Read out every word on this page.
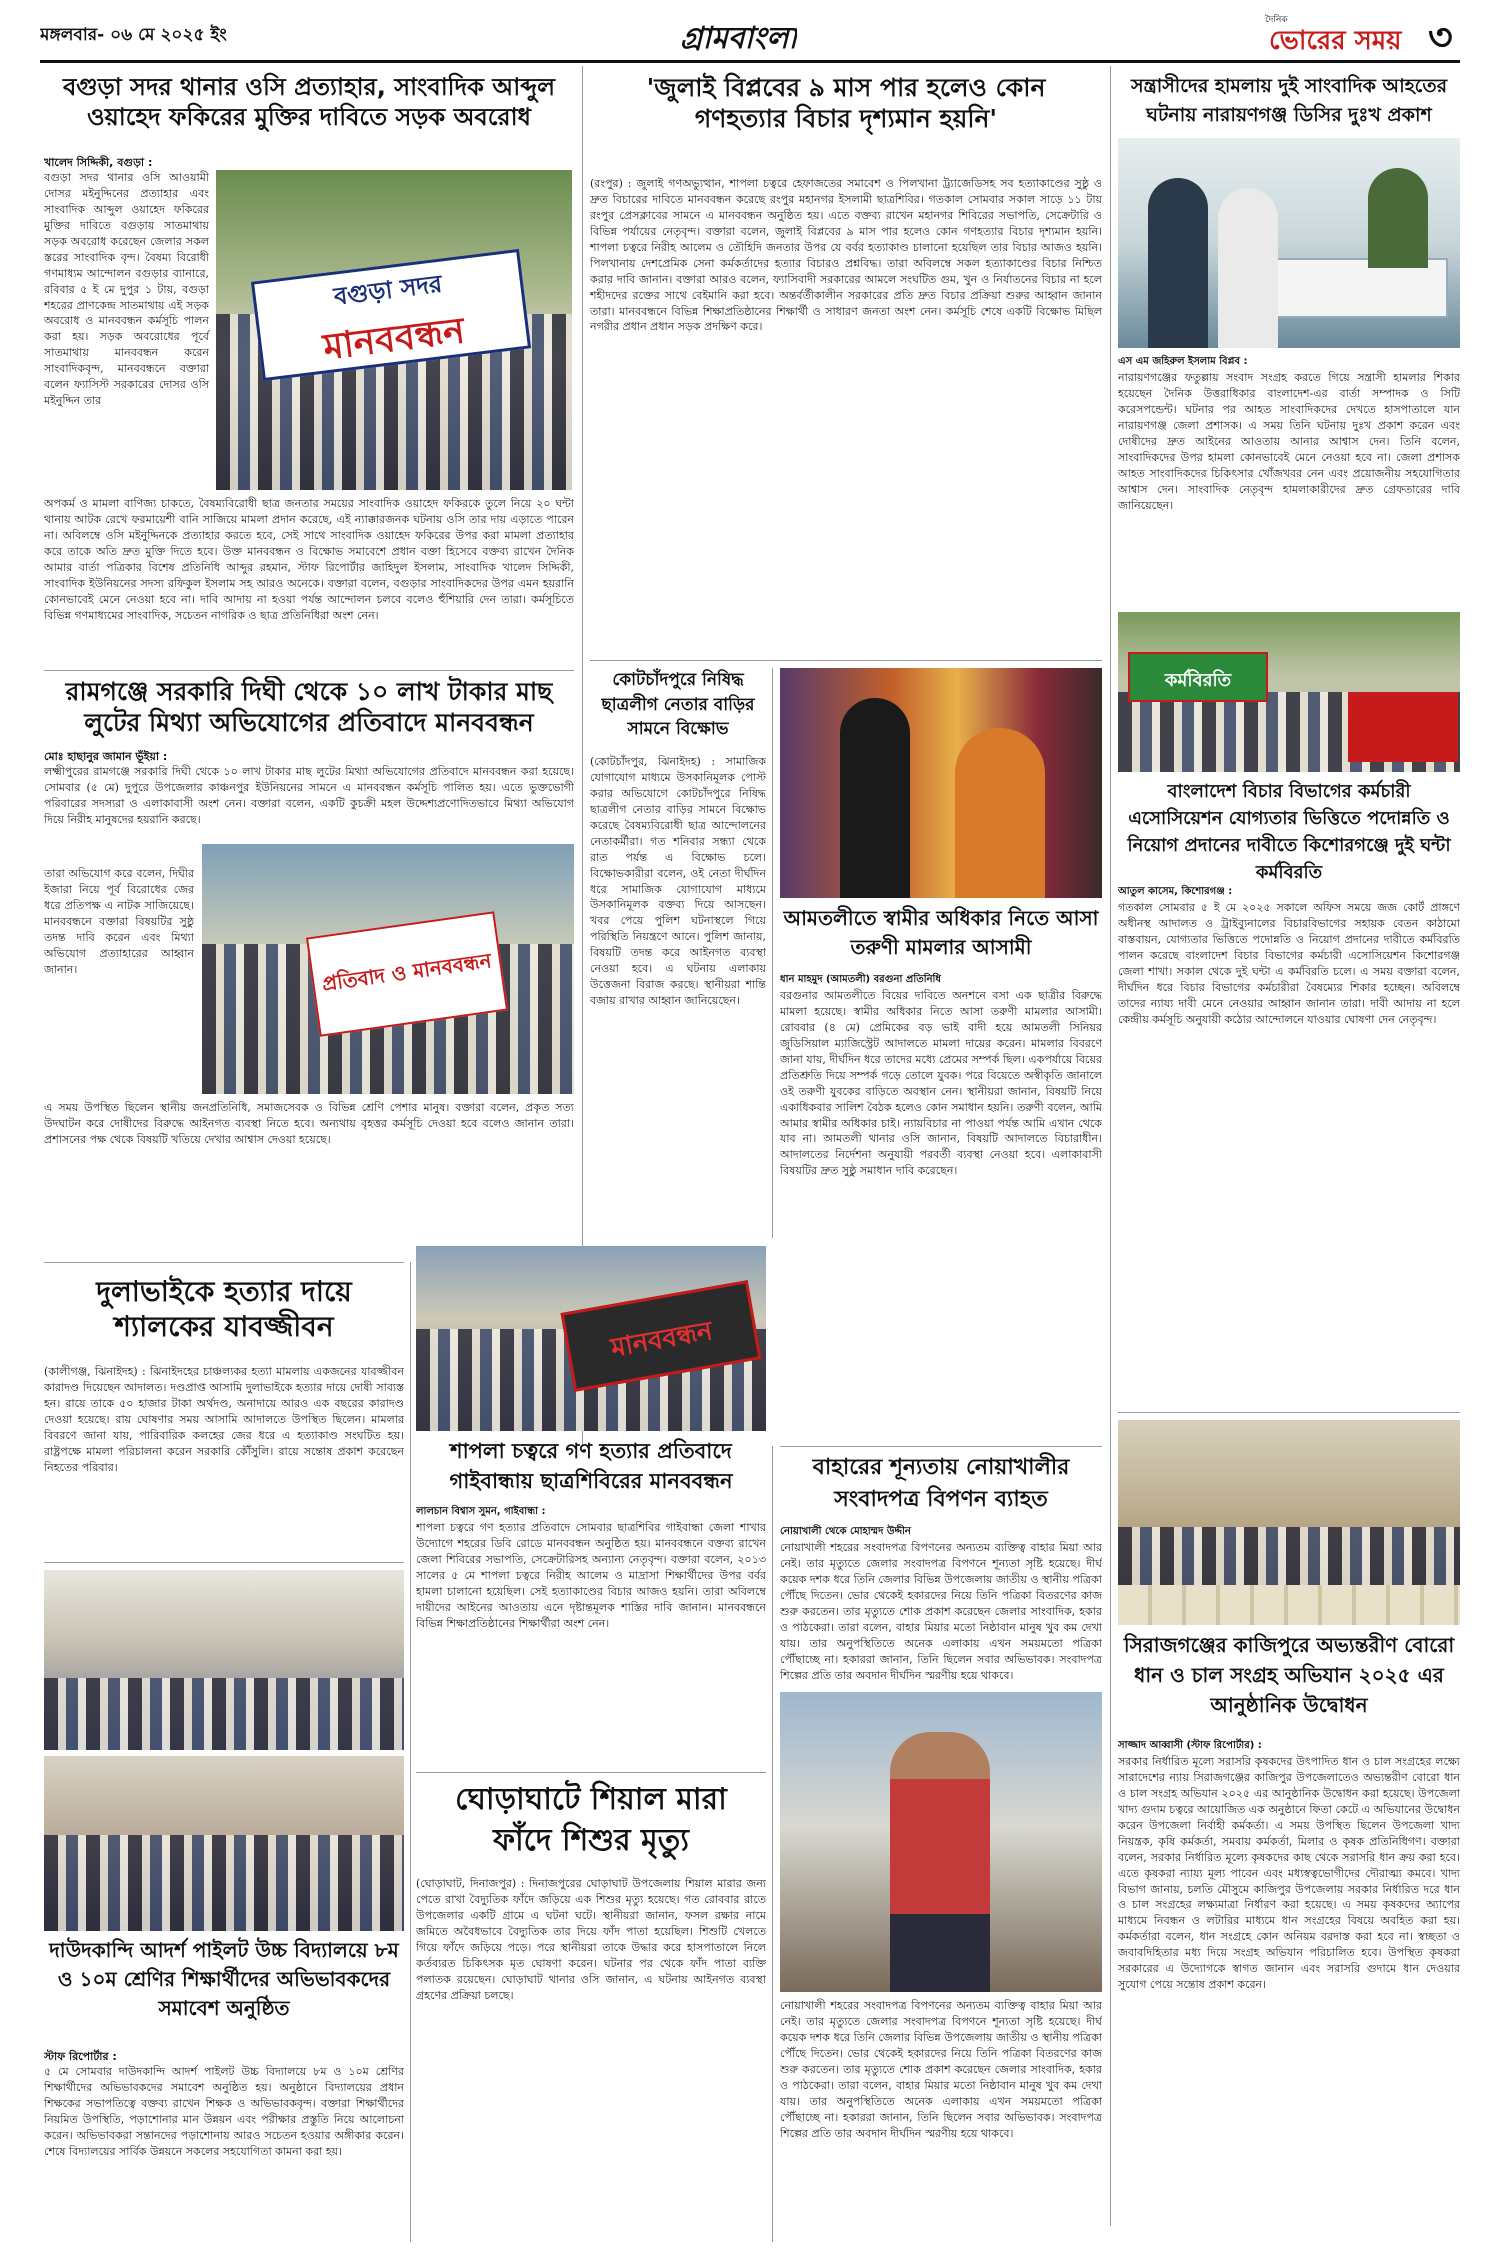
মঙ্গলবার- ০৬ মে ২০২৫ ইং	গ্রামবাংলা
দৈনিক
ভোরের সময় ৩
বগুড়া সদর থানার ওসি প্রত্যাহার, সাংবাদিক আব্দুল ওয়াহেদ ফকিরের মুক্তির দাবিতে সড়ক অবরোধ
খালেদ সিদ্দিকী, বগুড়া :
বগুড়া সদর থানার ওসি আওয়ামী দোসর মইনুদ্দিনের প্রত্যাহার এবং সাংবাদিক আব্দুল ওয়াহেদ ফকিরের মুক্তির দাবিতে বগুড়ায় সাতমাথায় সড়ক অবরোধ করেছেন জেলার সকল স্তরের সাংবাদিক বৃন্দ। বৈষম্য বিরোধী গণমাধ্যম আন্দোলন বগুড়ার ব্যানারে, রবিবার ৫ ই মে দুপুর ১ টায়, বগুড়া শহরের প্রাণকেন্দ্র সাতমাথায় এই সড়ক অবরোধ ও মানববন্ধন কর্মসূচি পালন করা হয়। সড়ক অবরোধের পূর্বে সাতমাথায় মানববন্ধন করেন সাংবাদিকবৃন্দ, মানববন্ধনে বক্তারা বলেন ফ্যাসিস্ট সরকারের দোসর ওসি মইনুদ্দিন তার
বগুড়া সদর
মানববন্ধন
অপকর্ম ও মামলা বাণিজ্য চাকতে, বৈষম্যবিরোধী ছাত্র জনতার সময়ের সাংবাদিক ওয়াহেদ ফকিরকে তুলে নিয়ে ২০ ঘন্টা থানায় আটক রেখে ফরমায়েশী বানি সাজিয়ে মামলা প্রদান করেছে, এই ন্যাক্কারজনক ঘটনায় ওসি তার দায় এড়াতে পারেন না। অবিলম্বে ওসি মইনুদ্দিনকে প্রত্যাহার করতে হবে, সেই সাথে সাংবাদিক ওয়াহেদ ফকিরের উপর করা মামলা প্রত্যাহার করে তাকে অতি দ্রুত মুক্তি দিতে হবে। উক্ত মানববন্ধন ও বিক্ষোভ সমাবেশে প্রধান বক্তা হিসেবে বক্তব্য রাখেন দৈনিক আমার বার্তা পত্রিকার বিশেষ প্রতিনিধি আব্দুর রহমান, স্টাফ রিপোর্টার জাহিদুল ইসলাম, সাংবাদিক খালেদ সিদ্দিকী, সাংবাদিক ইউনিয়নের সদস্য রফিকুল ইসলাম সহ আরও অনেকে। বক্তারা বলেন, বগুড়ার সাংবাদিকদের উপর এমন হয়রানি কোনভাবেই মেনে নেওয়া হবে না। দাবি আদায় না হওয়া পর্যন্ত আন্দোলন চলবে বলেও হুঁশিয়ারি দেন তারা। কর্মসূচিতে বিভিন্ন গণমাধ্যমের সাংবাদিক, সচেতন নাগরিক ও ছাত্র প্রতিনিধিরা অংশ নেন।
রামগঞ্জে সরকারি দিঘী থেকে ১০ লাখ টাকার মাছ লুটের মিথ্যা অভিযোগের প্রতিবাদে মানববন্ধন
মোঃ হাছানুর জামান ভূঁইয়া :
লক্ষ্মীপুরের রামগঞ্জে সরকারি দিঘী থেকে ১০ লাখ টাকার মাছ লুটের মিথ্যা অভিযোগের প্রতিবাদে মানববন্ধন করা হয়েছে। সোমবার (৫ মে) দুপুরে উপজেলার কাঞ্চনপুর ইউনিয়নের সামনে এ মানববন্ধন কর্মসূচি পালিত হয়। এতে ভুক্তভোগী পরিবারের সদস্যরা ও এলাকাবাসী অংশ নেন। বক্তারা বলেন, একটি কুচক্রী মহল উদ্দেশ্যপ্রণোদিতভাবে মিথ্যা অভিযোগ দিয়ে নিরীহ মানুষদের হয়রানি করছে।
তারা অভিযোগ করে বলেন, দিঘীর ইজারা নিয়ে পূর্ব বিরোধের জের ধরে প্রতিপক্ষ এ নাটক সাজিয়েছে। মানববন্ধনে বক্তারা বিষয়টির সুষ্ঠু তদন্ত দাবি করেন এবং মিথ্যা অভিযোগ প্রত্যাহারের আহ্বান জানান।	প্রতিবাদ ও মানববন্ধন
এ সময় উপস্থিত ছিলেন স্থানীয় জনপ্রতিনিধি, সমাজসেবক ও বিভিন্ন শ্রেণি পেশার মানুষ। বক্তারা বলেন, প্রকৃত সত্য উদঘাটন করে দোষীদের বিরুদ্ধে আইনগত ব্যবস্থা নিতে হবে। অন্যথায় বৃহত্তর কর্মসূচি দেওয়া হবে বলেও জানান তারা। প্রশাসনের পক্ষ থেকে বিষয়টি খতিয়ে দেখার আশ্বাস দেওয়া হয়েছে।
দুলাভাইকে হত্যার দায়ে শ্যালকের যাবজ্জীবন
(কালীগঞ্জ, ঝিনাইদহ) : ঝিনাইদহের চাঞ্চল্যকর হত্যা মামলায় একজনের যাবজ্জীবন কারাদণ্ড দিয়েছেন আদালত। দণ্ডপ্রাপ্ত আসামি দুলাভাইকে হত্যার দায়ে দোষী সাব্যস্ত হন। রায়ে তাকে ৫০ হাজার টাকা অর্থদণ্ড, অনাদায়ে আরও এক বছরের কারাদণ্ড দেওয়া হয়েছে। রায় ঘোষণার সময় আসামি আদালতে উপস্থিত ছিলেন। মামলার বিবরণে জানা যায়, পারিবারিক কলহের জের ধরে এ হত্যাকাণ্ড সংঘটিত হয়। রাষ্ট্রপক্ষে মামলা পরিচালনা করেন সরকারি কৌঁসুলি। রায়ে সন্তোষ প্রকাশ করেছেন নিহতের পরিবার।
দাউদকান্দি আদর্শ পাইলট উচ্চ বিদ্যালয়ে ৮ম ও ১০ম শ্রেণির শিক্ষার্থীদের অভিভাবকদের সমাবেশ অনুষ্ঠিত
স্টাফ রিপোর্টার :
৫ মে সোমবার দাউদকান্দি আদর্শ পাইলট উচ্চ বিদ্যালয়ে ৮ম ও ১০ম শ্রেণির শিক্ষার্থীদের অভিভাবকদের সমাবেশ অনুষ্ঠিত হয়। অনুষ্ঠানে বিদ্যালয়ের প্রধান শিক্ষকের সভাপতিত্বে বক্তব্য রাখেন শিক্ষক ও অভিভাবকবৃন্দ। বক্তারা শিক্ষার্থীদের নিয়মিত উপস্থিতি, পড়াশোনার মান উন্নয়ন এবং পরীক্ষার প্রস্তুতি নিয়ে আলোচনা করেন। অভিভাবকরা সন্তানদের পড়াশোনায় আরও সচেতন হওয়ার অঙ্গীকার করেন। শেষে বিদ্যালয়ের সার্বিক উন্নয়নে সকলের সহযোগিতা কামনা করা হয়।
'জুলাই বিপ্লবের ৯ মাস পার হলেও কোন গণহত্যার বিচার দৃশ্যমান হয়নি'
(রংপুর) : জুলাই গণঅভ্যুত্থান, শাপলা চত্বরে হেফাজতের সমাবেশ ও পিলখানা ট্র্যাজেডিসহ সব হত্যাকাণ্ডের সুষ্ঠু ও দ্রুত বিচারের দাবিতে মানববন্ধন করেছে রংপুর মহানগর ইসলামী ছাত্রশিবির। গতকাল সোমবার সকাল সাড়ে ১১ টায় রংপুর প্রেসক্লাবের সামনে এ মানববন্ধন অনুষ্ঠিত হয়। এতে বক্তব্য রাখেন মহানগর শিবিরের সভাপতি, সেক্রেটারি ও বিভিন্ন পর্যায়ের নেতৃবৃন্দ। বক্তারা বলেন, জুলাই বিপ্লবের ৯ মাস পার হলেও কোন গণহত্যার বিচার দৃশ্যমান হয়নি। শাপলা চত্বরে নিরীহ আলেম ও তৌহিদি জনতার উপর যে বর্বর হত্যাকাণ্ড চালানো হয়েছিল তার বিচার আজও হয়নি। পিলখানায় দেশপ্রেমিক সেনা কর্মকর্তাদের হত্যার বিচারও প্রশ্নবিদ্ধ। তারা অবিলম্বে সকল হত্যাকাণ্ডের বিচার নিশ্চিত করার দাবি জানান। বক্তারা আরও বলেন, ফ্যাসিবাদী সরকারের আমলে সংঘটিত গুম, খুন ও নির্যাতনের বিচার না হলে শহীদদের রক্তের সাথে বেইমানি করা হবে। অন্তর্বর্তীকালীন সরকারের প্রতি দ্রুত বিচার প্রক্রিয়া শুরুর আহ্বান জানান তারা। মানববন্ধনে বিভিন্ন শিক্ষাপ্রতিষ্ঠানের শিক্ষার্থী ও সাধারণ জনতা অংশ নেন। কর্মসূচি শেষে একটি বিক্ষোভ মিছিল নগরীর প্রধান প্রধান সড়ক প্রদক্ষিণ করে।
কোটচাঁদপুরে নিষিদ্ধ ছাত্রলীগ নেতার বাড়ির সামনে বিক্ষোভ
(কোটচাঁদপুর, ঝিনাইদহ) : সামাজিক যোগাযোগ মাধ্যমে উসকানিমূলক পোস্ট করার অভিযোগে কোটচাঁদপুরে নিষিদ্ধ ছাত্রলীগ নেতার বাড়ির সামনে বিক্ষোভ করেছে বৈষম্যবিরোধী ছাত্র আন্দোলনের নেতাকর্মীরা। গত শনিবার সন্ধ্যা থেকে রাত পর্যন্ত এ বিক্ষোভ চলে। বিক্ষোভকারীরা বলেন, ওই নেতা দীর্ঘদিন ধরে সামাজিক যোগাযোগ মাধ্যমে উসকানিমূলক বক্তব্য দিয়ে আসছেন। খবর পেয়ে পুলিশ ঘটনাস্থলে গিয়ে পরিস্থিতি নিয়ন্ত্রণে আনে। পুলিশ জানায়, বিষয়টি তদন্ত করে আইনগত ব্যবস্থা নেওয়া হবে। এ ঘটনায় এলাকায় উত্তেজনা বিরাজ করছে। স্থানীয়রা শান্তি বজায় রাখার আহ্বান জানিয়েছেন।
আমতলীতে স্বামীর অধিকার নিতে আসা তরুণী মামলার আসামী
ধান মাহমুদ (আমতলী) বরগুনা প্রতিনিধি
বরগুনার আমতলীতে বিয়ের দাবিতে অনশনে বসা এক ছাত্রীর বিরুদ্ধে মামলা হয়েছে। স্বামীর অধিকার নিতে আসা তরুণী মামলার আসামী। রোববার (৪ মে) প্রেমিকের বড় ভাই বাদী হয়ে আমতলী সিনিয়র জুডিসিয়াল ম্যাজিস্ট্রেট আদালতে মামলা দায়ের করেন। মামলার বিবরণে জানা যায়, দীর্ঘদিন ধরে তাদের মধ্যে প্রেমের সম্পর্ক ছিল। একপর্যায়ে বিয়ের প্রতিশ্রুতি দিয়ে সম্পর্ক গড়ে তোলে যুবক। পরে বিয়েতে অস্বীকৃতি জানালে ওই তরুণী যুবকের বাড়িতে অবস্থান নেন। স্থানীয়রা জানান, বিষয়টি নিয়ে একাধিকবার সালিশ বৈঠক হলেও কোন সমাধান হয়নি। তরুণী বলেন, আমি আমার স্বামীর অধিকার চাই। ন্যায়বিচার না পাওয়া পর্যন্ত আমি এখান থেকে যাব না। আমতলী থানার ওসি জানান, বিষয়টি আদালতে বিচারাধীন। আদালতের নির্দেশনা অনুযায়ী পরবর্তী ব্যবস্থা নেওয়া হবে। এলাকাবাসী বিষয়টির দ্রুত সুষ্ঠু সমাধান দাবি করেছেন।
মানববন্ধন
শাপলা চত্বরে গণ হত্যার প্রতিবাদে গাইবান্ধায় ছাত্রশিবিরের মানববন্ধন
লালচান বিশ্বাস সুমন, গাইবান্ধা :
শাপলা চত্বরে গণ হত্যার প্রতিবাদে সোমবার ছাত্রশিবির গাইবান্ধা জেলা শাখার উদ্যোগে শহরের ডিবি রোডে মানববন্ধন অনুষ্ঠিত হয়। মানববন্ধনে বক্তব্য রাখেন জেলা শিবিরের সভাপতি, সেক্রেটারিসহ অন্যান্য নেতৃবৃন্দ। বক্তারা বলেন, ২০১৩ সালের ৫ মে শাপলা চত্বরে নিরীহ আলেম ও মাদ্রাসা শিক্ষার্থীদের উপর বর্বর হামলা চালানো হয়েছিল। সেই হত্যাকাণ্ডের বিচার আজও হয়নি। তারা অবিলম্বে দায়ীদের আইনের আওতায় এনে দৃষ্টান্তমূলক শাস্তির দাবি জানান। মানববন্ধনে বিভিন্ন শিক্ষাপ্রতিষ্ঠানের শিক্ষার্থীরা অংশ নেন।
ঘোড়াঘাটে শিয়াল মারা ফাঁদে শিশুর মৃত্যু
(ঘোড়াঘাট, দিনাজপুর) : দিনাজপুরের ঘোড়াঘাট উপজেলায় শিয়াল মারার জন্য পেতে রাখা বৈদ্যুতিক ফাঁদে জড়িয়ে এক শিশুর মৃত্যু হয়েছে। গত রোববার রাতে উপজেলার একটি গ্রামে এ ঘটনা ঘটে। স্থানীয়রা জানান, ফসল রক্ষার নামে জমিতে অবৈধভাবে বৈদ্যুতিক তার দিয়ে ফাঁদ পাতা হয়েছিল। শিশুটি খেলতে গিয়ে ফাঁদে জড়িয়ে পড়ে। পরে স্থানীয়রা তাকে উদ্ধার করে হাসপাতালে নিলে কর্তব্যরত চিকিৎসক মৃত ঘোষণা করেন। ঘটনার পর থেকে ফাঁদ পাতা ব্যক্তি পলাতক রয়েছেন। ঘোড়াঘাট থানার ওসি জানান, এ ঘটনায় আইনগত ব্যবস্থা গ্রহণের প্রক্রিয়া চলছে।
বাহারের শূন্যতায় নোয়াখালীর সংবাদপত্র বিপণন ব্যাহত
নোয়াখালী থেকে মোহাম্মদ উদ্দীন
নোয়াখালী শহরের সংবাদপত্র বিপণনের অন্যতম ব্যক্তিত্ব বাহার মিয়া আর নেই। তার মৃত্যুতে জেলার সংবাদপত্র বিপণনে শূন্যতা সৃষ্টি হয়েছে। দীর্ঘ কয়েক দশক ধরে তিনি জেলার বিভিন্ন উপজেলায় জাতীয় ও স্থানীয় পত্রিকা পৌঁছে দিতেন। ভোর থেকেই হকারদের নিয়ে তিনি পত্রিকা বিতরণের কাজ শুরু করতেন। তার মৃত্যুতে শোক প্রকাশ করেছেন জেলার সাংবাদিক, হকার ও পাঠকেরা। তারা বলেন, বাহার মিয়ার মতো নিষ্ঠাবান মানুষ খুব কম দেখা যায়। তার অনুপস্থিতিতে অনেক এলাকায় এখন সময়মতো পত্রিকা পৌঁছাচ্ছে না। হকাররা জানান, তিনি ছিলেন সবার অভিভাবক। সংবাদপত্র শিল্পের প্রতি তার অবদান দীর্ঘদিন স্মরণীয় হয়ে থাকবে।
নোয়াখালী শহরের সংবাদপত্র বিপণনের অন্যতম ব্যক্তিত্ব বাহার মিয়া আর নেই। তার মৃত্যুতে জেলার সংবাদপত্র বিপণনে শূন্যতা সৃষ্টি হয়েছে। দীর্ঘ কয়েক দশক ধরে তিনি জেলার বিভিন্ন উপজেলায় জাতীয় ও স্থানীয় পত্রিকা পৌঁছে দিতেন। ভোর থেকেই হকারদের নিয়ে তিনি পত্রিকা বিতরণের কাজ শুরু করতেন। তার মৃত্যুতে শোক প্রকাশ করেছেন জেলার সাংবাদিক, হকার ও পাঠকেরা। তারা বলেন, বাহার মিয়ার মতো নিষ্ঠাবান মানুষ খুব কম দেখা যায়। তার অনুপস্থিতিতে অনেক এলাকায় এখন সময়মতো পত্রিকা পৌঁছাচ্ছে না। হকাররা জানান, তিনি ছিলেন সবার অভিভাবক। সংবাদপত্র শিল্পের প্রতি তার অবদান দীর্ঘদিন স্মরণীয় হয়ে থাকবে।
সন্ত্রাসীদের হামলায় দুই সাংবাদিক আহতের ঘটনায় নারায়ণগঞ্জ ডিসির দুঃখ প্রকাশ
এস এম জহিরুল ইসলাম বিপ্লব :
নারায়ণগঞ্জের ফতুল্লায় সংবাদ সংগ্রহ করতে গিয়ে সন্ত্রাসী হামলার শিকার হয়েছেন দৈনিক উত্তরাধিকার বাংলাদেশ-এর বার্তা সম্পাদক ও সিটি করেসপন্ডেন্ট। ঘটনার পর আহত সাংবাদিকদের দেখতে হাসপাতালে যান নারায়ণগঞ্জ জেলা প্রশাসক। এ সময় তিনি ঘটনায় দুঃখ প্রকাশ করেন এবং দোষীদের দ্রুত আইনের আওতায় আনার আশ্বাস দেন। তিনি বলেন, সাংবাদিকদের উপর হামলা কোনভাবেই মেনে নেওয়া হবে না। জেলা প্রশাসক আহত সাংবাদিকদের চিকিৎসার খোঁজখবর নেন এবং প্রয়োজনীয় সহযোগিতার আশ্বাস দেন। সাংবাদিক নেতৃবৃন্দ হামলাকারীদের দ্রুত গ্রেফতারের দাবি জানিয়েছেন।
কর্মবিরতি
বাংলাদেশ বিচার বিভাগের কর্মচারী এসোসিয়েশন যোগ্যতার ভিত্তিতে পদোন্নতি ও নিয়োগ প্রদানের দাবীতে কিশোরগঞ্জে দুই ঘন্টা কর্মবিরতি
আতুল কাসেম, কিশোরগঞ্জ :
গতকাল সোমবার ৫ ই মে ২০২৫ সকালে অফিস সময়ে জজ কোর্ট প্রাঙ্গণে অধীনস্থ আদালত ও ট্রাইব্যুনালের বিচারবিভাগের সহায়ক বেতন কাঠামো বাস্তবায়ন, যোগ্যতার ভিত্তিতে পদোন্নতি ও নিয়োগ প্রদানের দাবীতে কর্মবিরতি পালন করেছে বাংলাদেশ বিচার বিভাগের কর্মচারী এসোসিয়েশন কিশোরগঞ্জ জেলা শাখা। সকাল থেকে দুই ঘন্টা এ কর্মবিরতি চলে। এ সময় বক্তারা বলেন, দীর্ঘদিন ধরে বিচার বিভাগের কর্মচারীরা বৈষম্যের শিকার হচ্ছেন। অবিলম্বে তাদের ন্যায্য দাবী মেনে নেওয়ার আহ্বান জানান তারা। দাবী আদায় না হলে কেন্দ্রীয় কর্মসূচি অনুযায়ী কঠোর আন্দোলনে যাওয়ার ঘোষণা দেন নেতৃবৃন্দ।
সিরাজগঞ্জের কাজিপুরে অভ্যন্তরীণ বোরো ধান ও চাল সংগ্রহ অভিযান ২০২৫ এর আনুষ্ঠানিক উদ্বোধন
সাজ্জাদ আব্বাসী (স্টাফ রিপোর্টার) :
সরকার নির্ধারিত মূল্যে সরাসরি কৃষকদের উৎপাদিত ধান ও চাল সংগ্রহের লক্ষ্যে সারাদেশের ন্যায় সিরাজগঞ্জের কাজিপুর উপজেলাতেও অভ্যন্তরীণ বোরো ধান ও চাল সংগ্রহ অভিযান ২০২৫ এর আনুষ্ঠানিক উদ্বোধন করা হয়েছে। উপজেলা খাদ্য গুদাম চত্বরে আয়োজিত এক অনুষ্ঠানে ফিতা কেটে এ অভিযানের উদ্বোধন করেন উপজেলা নির্বাহী কর্মকর্তা। এ সময় উপস্থিত ছিলেন উপজেলা খাদ্য নিয়ন্ত্রক, কৃষি কর্মকর্তা, সমবায় কর্মকর্তা, মিলার ও কৃষক প্রতিনিধিগণ। বক্তারা বলেন, সরকার নির্ধারিত মূল্যে কৃষকদের কাছ থেকে সরাসরি ধান ক্রয় করা হবে। এতে কৃষকরা ন্যায্য মূল্য পাবেন এবং মধ্যস্বত্বভোগীদের দৌরাত্ম্য কমবে। খাদ্য বিভাগ জানায়, চলতি মৌসুমে কাজিপুর উপজেলায় সরকার নির্ধারিত দরে ধান ও চাল সংগ্রহের লক্ষ্যমাত্রা নির্ধারণ করা হয়েছে। এ সময় কৃষকদের অ্যাপের মাধ্যমে নিবন্ধন ও লটারির মাধ্যমে ধান সংগ্রহের বিষয়ে অবহিত করা হয়। কর্মকর্তারা বলেন, ধান সংগ্রহে কোন অনিয়ম বরদাস্ত করা হবে না। স্বচ্ছতা ও জবাবদিহিতার মধ্য দিয়ে সংগ্রহ অভিযান পরিচালিত হবে। উপস্থিত কৃষকরা সরকারের এ উদ্যোগকে স্বাগত জানান এবং সরাসরি গুদামে ধান দেওয়ার সুযোগ পেয়ে সন্তোষ প্রকাশ করেন।
